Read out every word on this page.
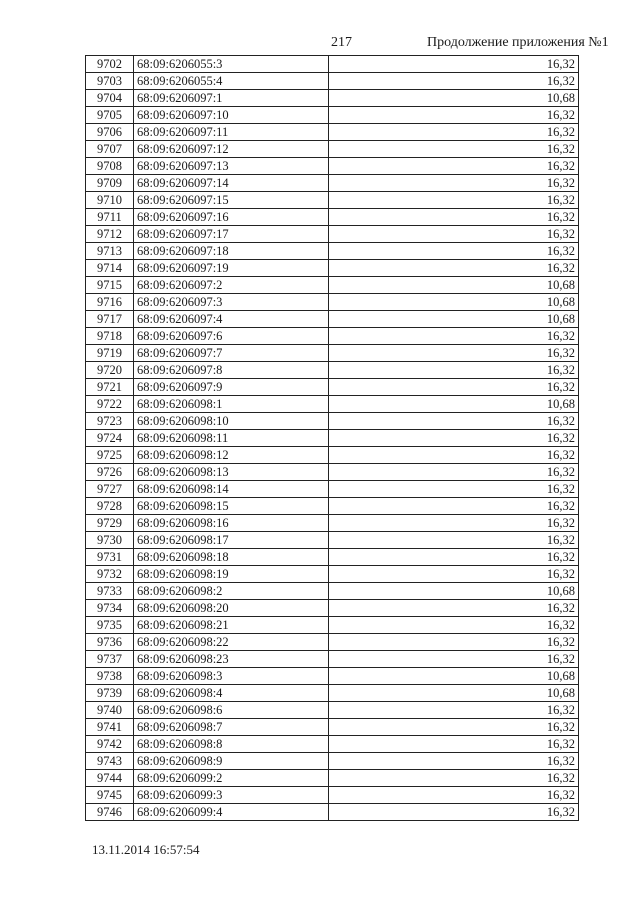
217	Продолжение приложения №1
9702	68:09:6206055:3	16,32
9703	68:09:6206055:4	16,32
9704	68:09:6206097:1	10,68
9705	68:09:6206097:10	16,32
9706	68:09:6206097:11	16,32
9707	68:09:6206097:12	16,32
9708	68:09:6206097:13	16,32
9709	68:09:6206097:14	16,32
9710	68:09:6206097:15	16,32
9711	68:09:6206097:16	16,32
9712	68:09:6206097:17	16,32
9713	68:09:6206097:18	16,32
9714	68:09:6206097:19	16,32
9715	68:09:6206097:2	10,68
9716	68:09:6206097:3	10,68
9717	68:09:6206097:4	10,68
9718	68:09:6206097:6	16,32
9719	68:09:6206097:7	16,32
9720	68:09:6206097:8	16,32
9721	68:09:6206097:9	16,32
9722	68:09:6206098:1	10,68
9723	68:09:6206098:10	16,32
9724	68:09:6206098:11	16,32
9725	68:09:6206098:12	16,32
9726	68:09:6206098:13	16,32
9727	68:09:6206098:14	16,32
9728	68:09:6206098:15	16,32
9729	68:09:6206098:16	16,32
9730	68:09:6206098:17	16,32
9731	68:09:6206098:18	16,32
9732	68:09:6206098:19	16,32
9733	68:09:6206098:2	10,68
9734	68:09:6206098:20	16,32
9735	68:09:6206098:21	16,32
9736	68:09:6206098:22	16,32
9737	68:09:6206098:23	16,32
9738	68:09:6206098:3	10,68
9739	68:09:6206098:4	10,68
9740	68:09:6206098:6	16,32
9741	68:09:6206098:7	16,32
9742	68:09:6206098:8	16,32
9743	68:09:6206098:9	16,32
9744	68:09:6206099:2	16,32
9745	68:09:6206099:3	16,32
9746	68:09:6206099:4	16,32
13.11.2014 16:57:54
